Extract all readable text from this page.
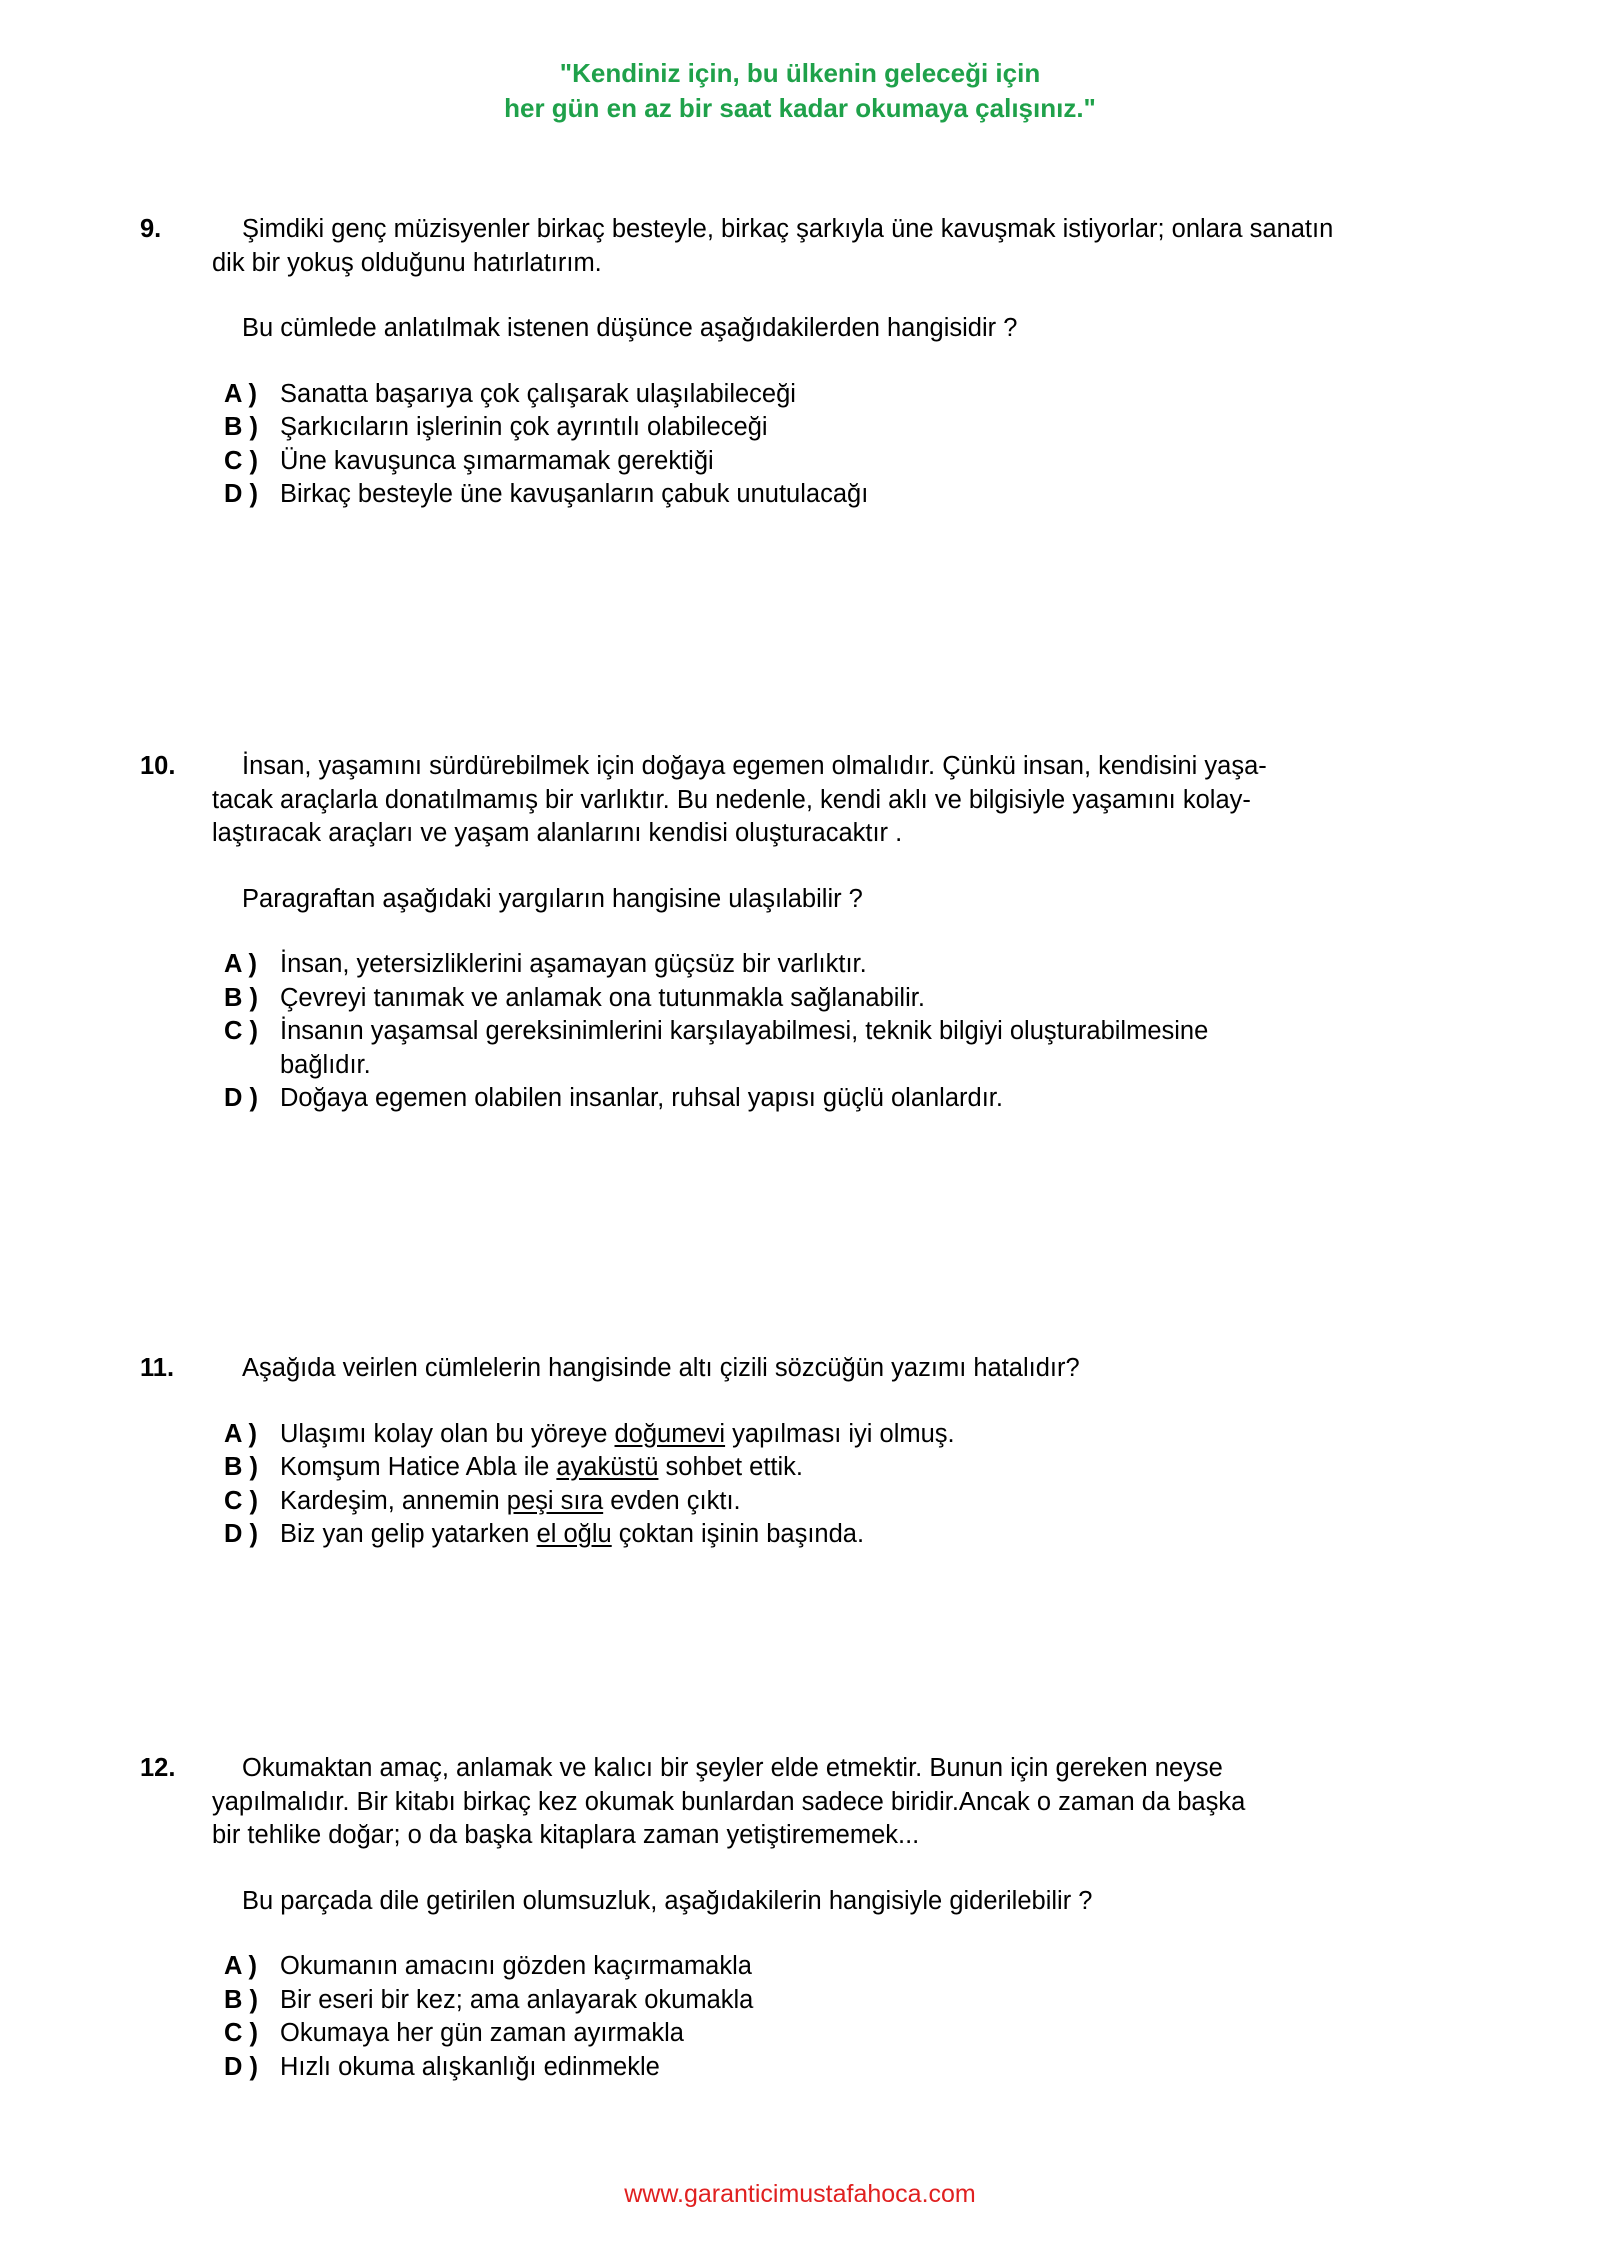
"Kendiniz için, bu ülkenin geleceği için
her gün en az bir saat kadar okumaya çalışınız."
9.	Şimdiki genç müzisyenler birkaç besteyle, birkaç şarkıyla üne kavuşmak istiyorlar; onlara sanatın dik bir yokuş olduğunu hatırlatırım.
Bu cümlede anlatılmak istenen düşünce aşağıdakilerden hangisidir ?
A ) Sanatta başarıya çok çalışarak ulaşılabileceği
B ) Şarkıcıların işlerinin çok ayrıntılı olabileceği
C ) Üne kavuşunca şımarmamak gerektiği
D ) Birkaç besteyle üne kavuşanların çabuk unutulacağı
10.	İnsan, yaşamını sürdürebilmek için doğaya egemen olmalıdır. Çünkü insan, kendisini yaşa-
tacak araçlarla donatılmamış bir varlıktır. Bu nedenle, kendi aklı ve bilgisiyle yaşamını kolay-
laştıracak araçları ve yaşam alanlarını kendisi oluşturacaktır .
Paragraftan aşağıdaki yargıların hangisine ulaşılabilir ?
A ) İnsan, yetersizliklerini aşamayan güçsüz bir varlıktır.
B ) Çevreyi tanımak ve anlamak ona tutunmakla sağlanabilir.
C ) İnsanın yaşamsal gereksinimlerini karşılayabilmesi, teknik bilgiyi oluşturabilmesine bağlıdır.
D ) Doğaya egemen olabilen insanlar, ruhsal yapısı güçlü olanlardır.
11.	Aşağıda veirlen cümlelerin hangisinde altı çizili sözcüğün yazımı hatalıdır?
A ) Ulaşımı kolay olan bu yöreye doğumevi yapılması iyi olmuş.
B ) Komşum Hatice Abla ile ayaküstü sohbet ettik.
C ) Kardeşim, annemin peşi sıra evden çıktı.
D ) Biz yan gelip yatarken el oğlu çoktan işinin başında.
12.	Okumaktan amaç, anlamak ve kalıcı bir şeyler elde etmektir. Bunun için gereken neyse
yapılmalıdır. Bir kitabı birkaç kez okumak bunlardan sadece biridir.Ancak o zaman da başka
bir tehlike doğar; o da başka kitaplara zaman yetiştirememek...
Bu parçada dile getirilen olumsuzluk, aşağıdakilerin hangisiyle giderilebilir ?
A ) Okumanın amacını gözden kaçırmamakla
B ) Bir eseri bir kez; ama anlayarak okumakla
C ) Okumaya her gün zaman ayırmakla
D ) Hızlı okuma alışkanlığı edinmekle
www.garanticimustafahoca.com
